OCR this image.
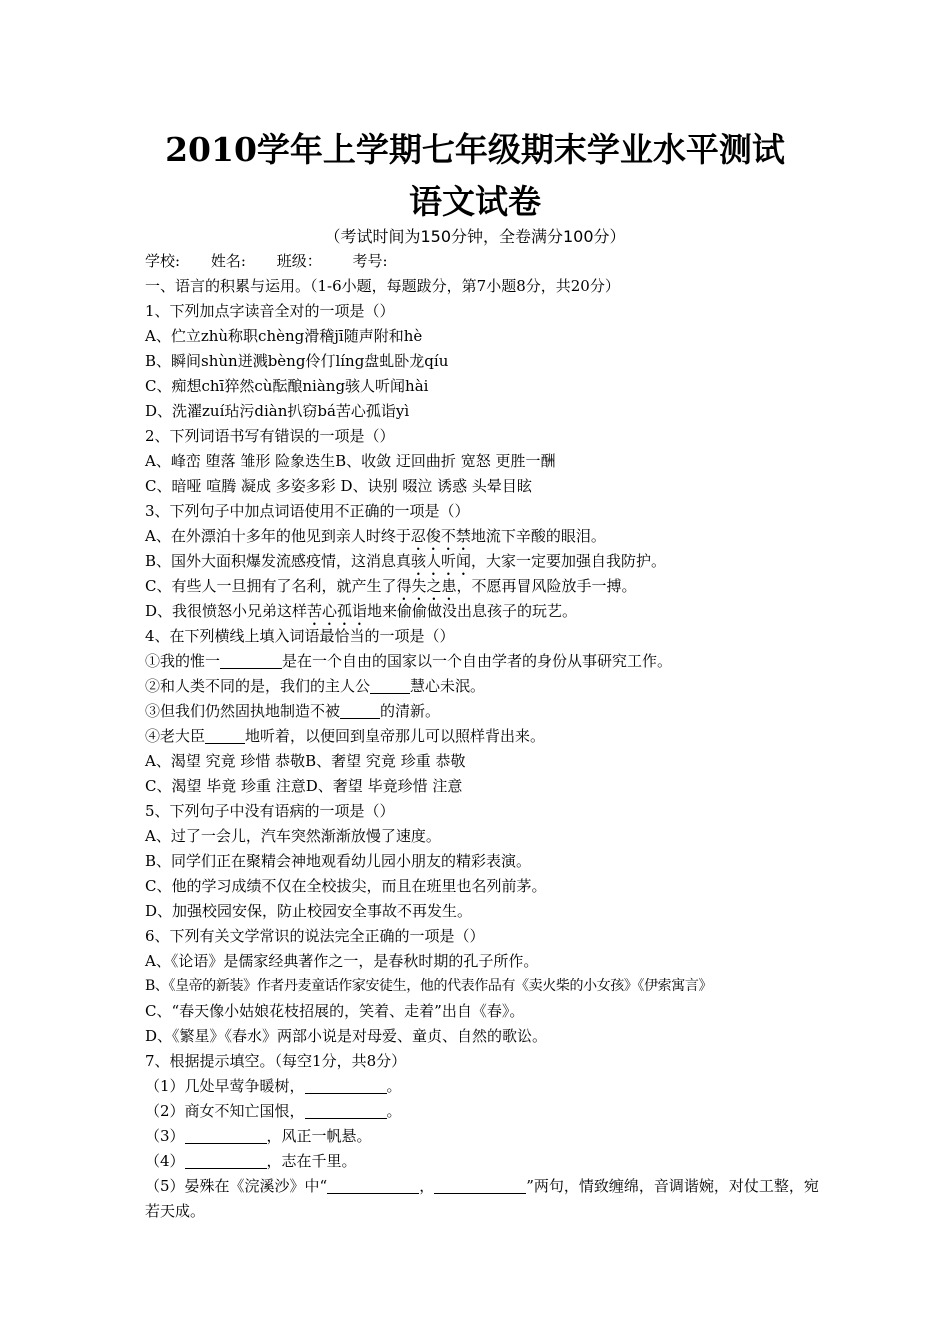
2010学年上学期七年级期末学业水平测试
语文试卷
（考试时间为150分钟，全卷满分100分）
学校: 姓名: 班级： 考号:
一、语言的积累与运用。（1-6小题，每题跋分，第7小题8分，共20分）
1、下列加点字读音全对的一项是（）
A、伫立zhù称职chèng滑稽jī随声附和hè
B、瞬间shùn迸溅bèng伶仃líng盘虬卧龙qíu
C、痴想chī猝然cù酝酿niàng骇人听闻hài
D、洗濯zuí玷污diàn扒窃bá苦心孤诣yì
2、下列词语书写有错误的一项是（）
A、峰峦 堕落 雏形 险象迭生B、收敛 迂回曲折 宽怒 更胜一酬
C、暗哑 喧腾 凝成 多姿多彩 D、诀别 啜泣 诱惑 头晕目眩
3、下列句子中加点词语使用不正确的一项是（）
A、在外漂泊十多年的他见到亲人时终于忍俊不禁地流下辛酸的眼泪。
B、国外大面积爆发流感疫情，这消息真骇人听闻，大家一定要加强自我防护。
C、有些人一旦拥有了名利，就产生了得失之患，不愿再冒风险放手一搏。
D、我很愤怒小兄弟这样苦心孤诣地来偷偷做没出息孩子的玩艺。
4、在下列横线上填入词语最恰当的一项是（）
①我的惟一	是在一个自由的国家以一个自由学者的身份从事研究工作。
②和人类不同的是，我们的主人公	慧心未泯。
③但我们仍然固执地制造不被	的清新。
④老大臣	地听着，以便回到皇帝那儿可以照样背出来。
A、渴望 究竟 珍惜 恭敬B、奢望 究竟 珍重 恭敬
C、渴望 毕竟 珍重 注意D、奢望 毕竟珍惜 注意
5、下列句子中没有语病的一项是（）
A、过了一会儿，汽车突然渐渐放慢了速度。
B、同学们正在聚精会神地观看幼儿园小朋友的精彩表演。
C、他的学习成绩不仅在全校拔尖，而且在班里也名列前茅。
D、加强校园安保，防止校园安全事故不再发生。
6、下列有关文学常识的说法完全正确的一项是（）
A、《论语》是儒家经典著作之一，是春秋时期的孔子所作。
B、《皇帝的新装》作者丹麦童话作家安徒生，他的代表作品有《卖火柴的小女孩》《伊索寓言》
C、“春天像小姑娘花枝招展的，笑着、走着”出自《春》。
D、《繁星》《春水》两部小说是对母爱、童贞、自然的歌讼。
7、根据提示填空。（每空1分，共8分）
（1）几处早莺争暖树，	。
（2）商女不知亡国恨，	。
（3）	，风正一帆悬。
（4）	，志在千里。
（5）晏殊在《浣溪沙》中“	，	”两句，情致缠绵，音调谐婉，对仗工整，宛若天成。
